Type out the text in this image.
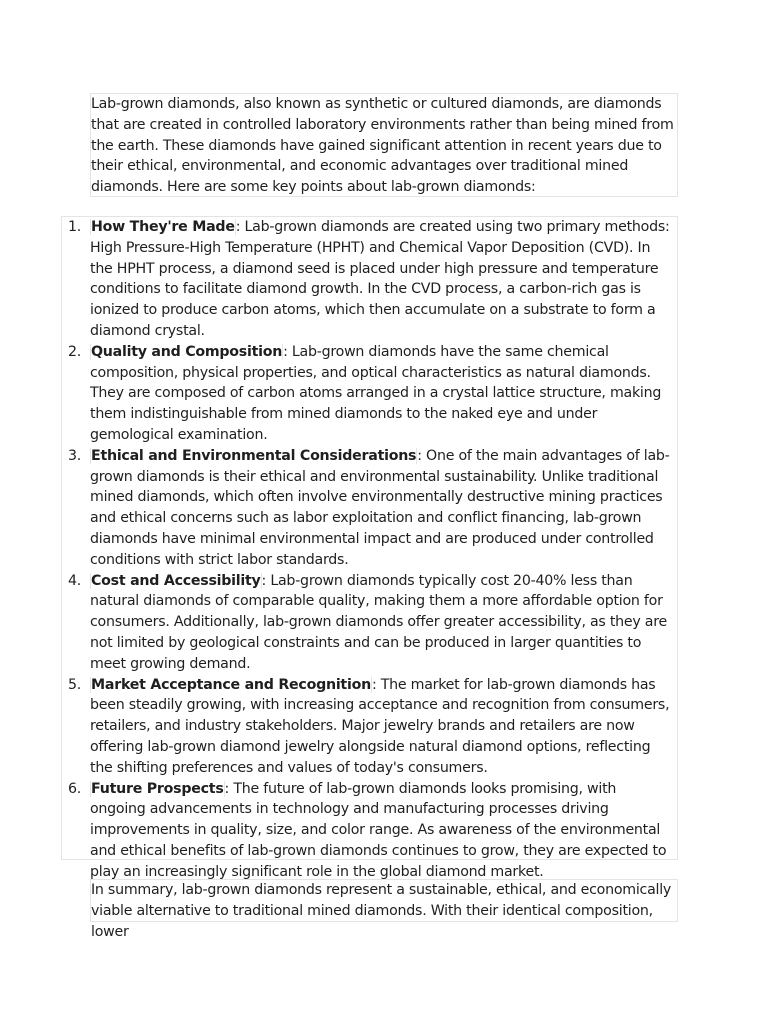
Lab-grown diamonds, also known as synthetic or cultured diamonds, are diamonds that are created in controlled laboratory environments rather than being mined from the earth. These diamonds have gained significant attention in recent years due to their ethical, environmental, and economic advantages over traditional mined diamonds. Here are some key points about lab-grown diamonds:
1. How They're Made: Lab-grown diamonds are created using two primary methods: High Pressure-High Temperature (HPHT) and Chemical Vapor Deposition (CVD). In the HPHT process, a diamond seed is placed under high pressure and temperature conditions to facilitate diamond growth. In the CVD process, a carbon-rich gas is ionized to produce carbon atoms, which then accumulate on a substrate to form a diamond crystal.
2. Quality and Composition: Lab-grown diamonds have the same chemical composition, physical properties, and optical characteristics as natural diamonds. They are composed of carbon atoms arranged in a crystal lattice structure, making them indistinguishable from mined diamonds to the naked eye and under gemological examination.
3. Ethical and Environmental Considerations: One of the main advantages of lab-grown diamonds is their ethical and environmental sustainability. Unlike traditional mined diamonds, which often involve environmentally destructive mining practices and ethical concerns such as labor exploitation and conflict financing, lab-grown diamonds have minimal environmental impact and are produced under controlled conditions with strict labor standards.
4. Cost and Accessibility: Lab-grown diamonds typically cost 20-40% less than natural diamonds of comparable quality, making them a more affordable option for consumers. Additionally, lab-grown diamonds offer greater accessibility, as they are not limited by geological constraints and can be produced in larger quantities to meet growing demand.
5. Market Acceptance and Recognition: The market for lab-grown diamonds has been steadily growing, with increasing acceptance and recognition from consumers, retailers, and industry stakeholders. Major jewelry brands and retailers are now offering lab-grown diamond jewelry alongside natural diamond options, reflecting the shifting preferences and values of today's consumers.
6. Future Prospects: The future of lab-grown diamonds looks promising, with ongoing advancements in technology and manufacturing processes driving improvements in quality, size, and color range. As awareness of the environmental and ethical benefits of lab-grown diamonds continues to grow, they are expected to play an increasingly significant role in the global diamond market.
In summary, lab-grown diamonds represent a sustainable, ethical, and economically viable alternative to traditional mined diamonds. With their identical composition, lower
